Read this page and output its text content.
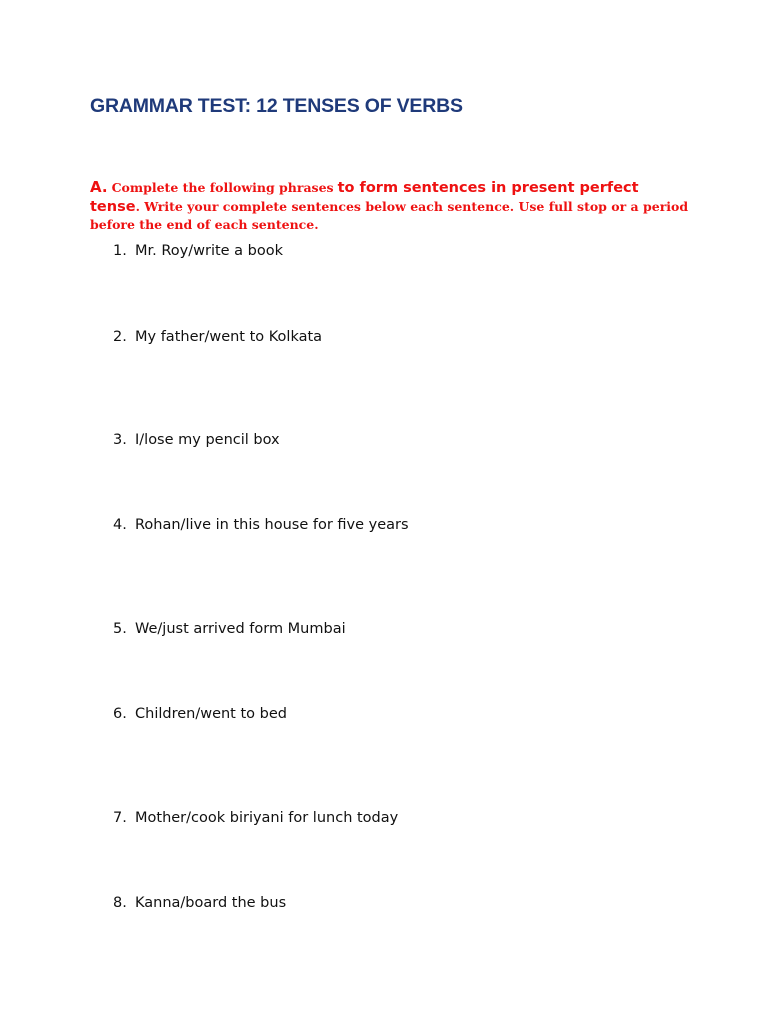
GRAMMAR TEST: 12 TENSES OF VERBS

A. Complete the following phrases to form sentences in present perfect tense. Write your complete sentences below each sentence. Use full stop or a period before the end of each sentence.

1. Mr. Roy/write a book

2. My father/went to Kolkata

3. I/lose my pencil box

4. Rohan/live in this house for five years

5. We/just arrived form Mumbai

6. Children/went to bed

7. Mother/cook biriyani for lunch today

8. Kanna/board the bus
